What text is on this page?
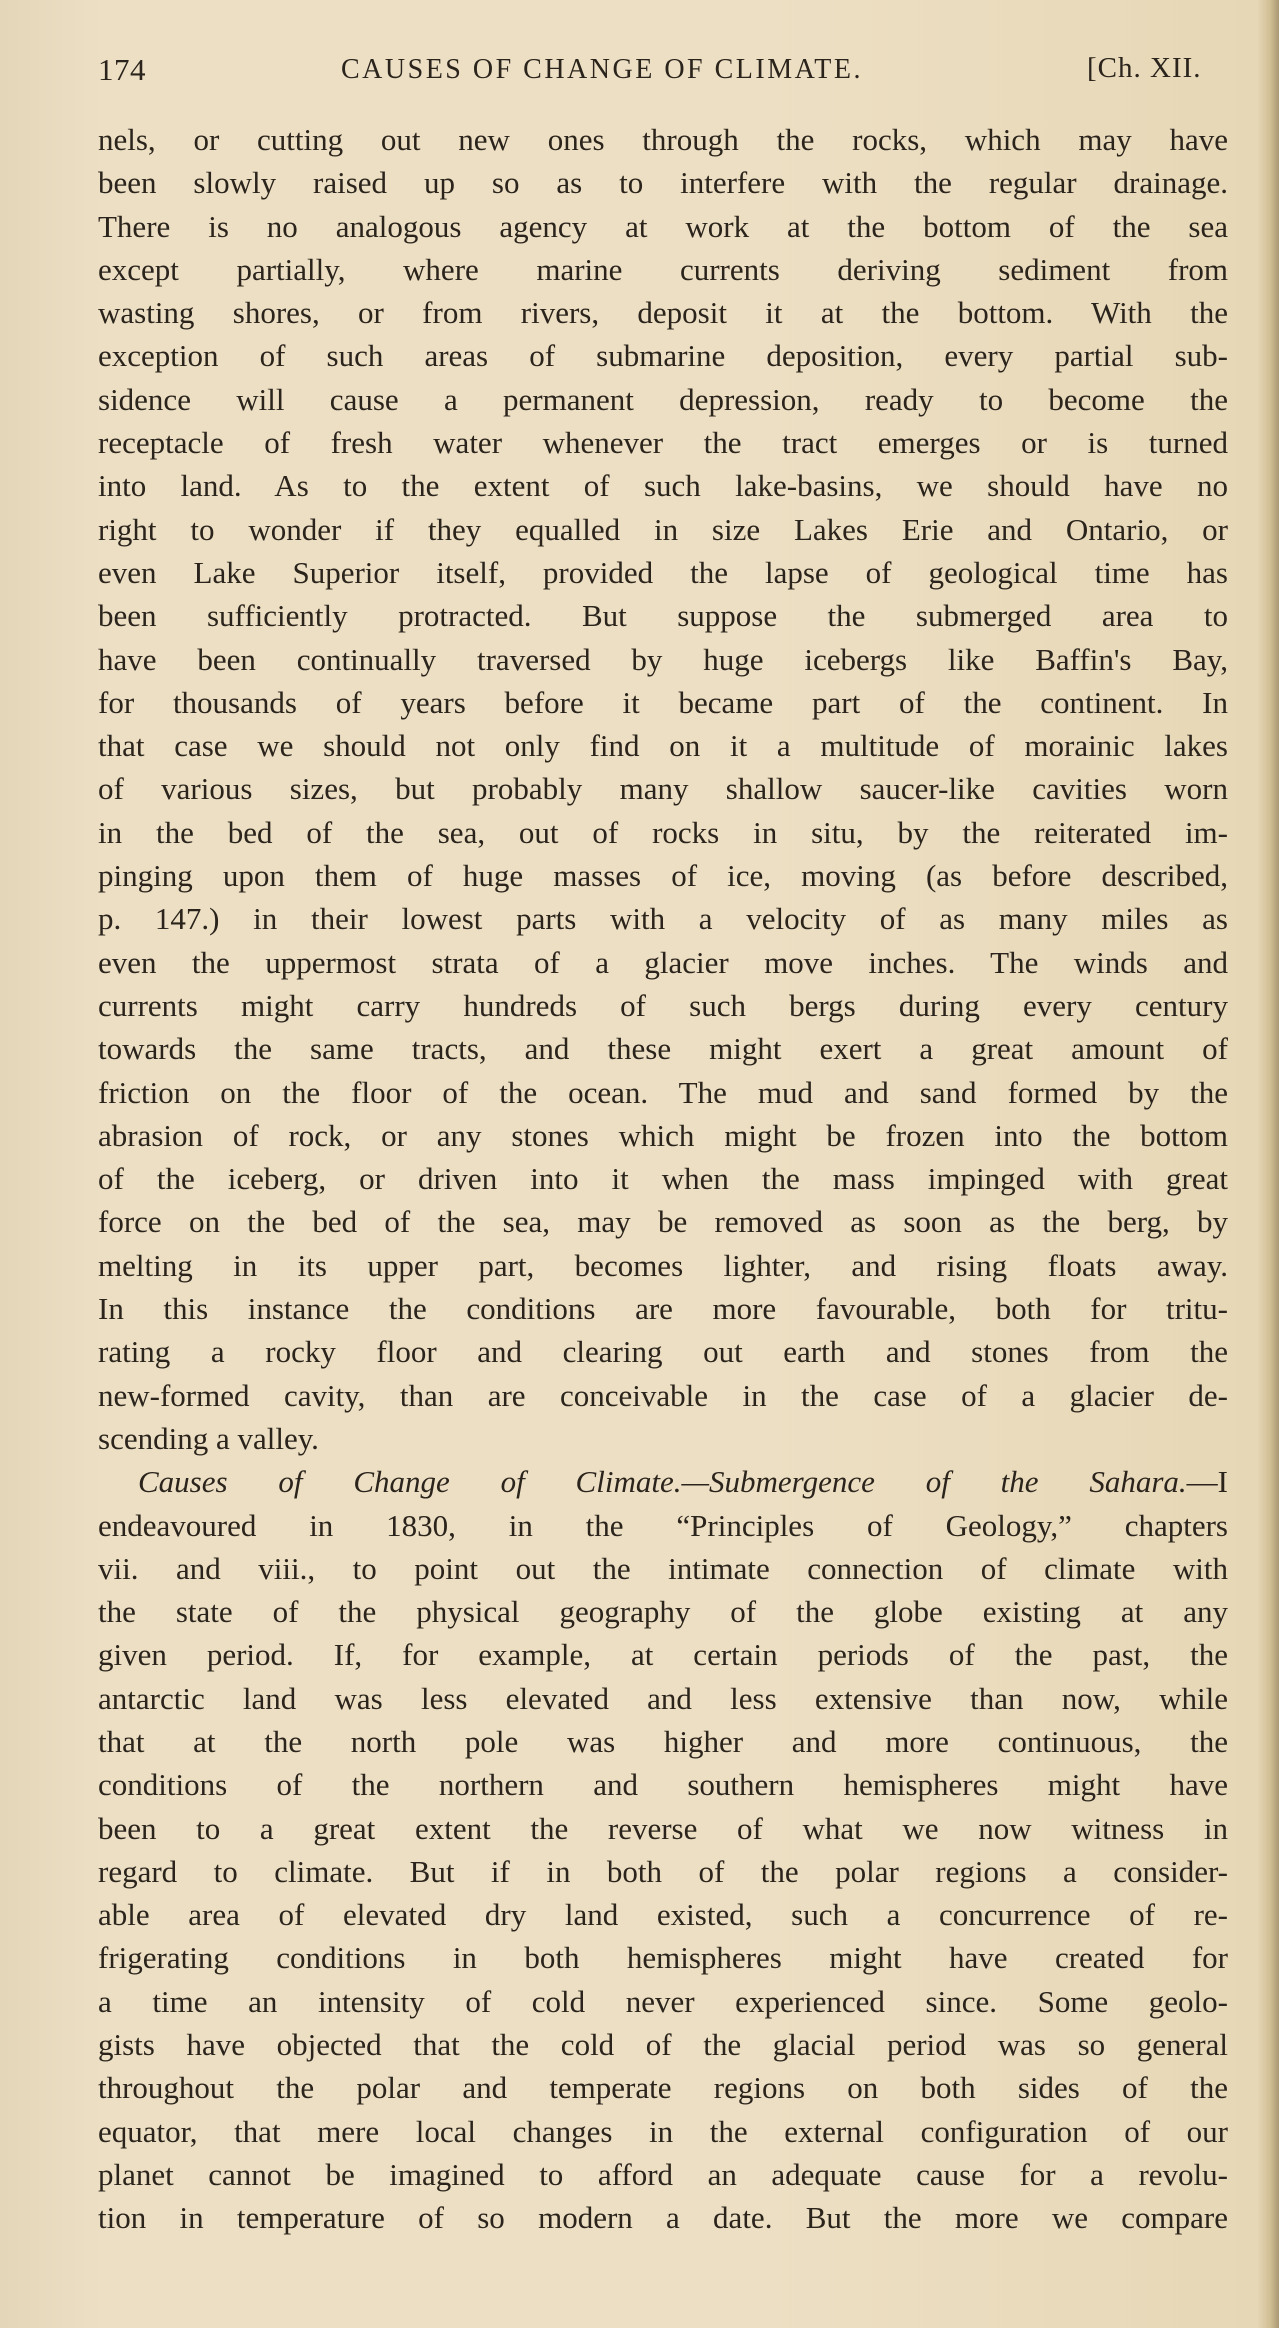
174	CAUSES OF CHANGE OF CLIMATE.	[Ch. XII.
nels, or cutting out new ones through the rocks, which may have
been slowly raised up so as to interfere with the regular drainage.
There is no analogous agency at work at the bottom of the sea
except partially, where marine currents deriving sediment from
wasting shores, or from rivers, deposit it at the bottom. With the
exception of such areas of submarine deposition, every partial sub-
sidence will cause a permanent depression, ready to become the
receptacle of fresh water whenever the tract emerges or is turned
into land. As to the extent of such lake-basins, we should have no
right to wonder if they equalled in size Lakes Erie and Ontario, or
even Lake Superior itself, provided the lapse of geological time has
been sufficiently protracted. But suppose the submerged area to
have been continually traversed by huge icebergs like Baffin's Bay,
for thousands of years before it became part of the continent. In
that case we should not only find on it a multitude of morainic lakes
of various sizes, but probably many shallow saucer-like cavities worn
in the bed of the sea, out of rocks in situ, by the reiterated im-
pinging upon them of huge masses of ice, moving (as before described,
p. 147.) in their lowest parts with a velocity of as many miles as
even the uppermost strata of a glacier move inches. The winds and
currents might carry hundreds of such bergs during every century
towards the same tracts, and these might exert a great amount of
friction on the floor of the ocean. The mud and sand formed by the
abrasion of rock, or any stones which might be frozen into the bottom
of the iceberg, or driven into it when the mass impinged with great
force on the bed of the sea, may be removed as soon as the berg, by
melting in its upper part, becomes lighter, and rising floats away.
In this instance the conditions are more favourable, both for tritu-
rating a rocky floor and clearing out earth and stones from the
new-formed cavity, than are conceivable in the case of a glacier de-
scending a valley.
Causes of Change of Climate.—Submergence of the Sahara.—I
endeavoured in 1830, in the “Principles of Geology,” chapters
vii. and viii., to point out the intimate connection of climate with
the state of the physical geography of the globe existing at any
given period. If, for example, at certain periods of the past, the
antarctic land was less elevated and less extensive than now, while
that at the north pole was higher and more continuous, the
conditions of the northern and southern hemispheres might have
been to a great extent the reverse of what we now witness in
regard to climate. But if in both of the polar regions a consider-
able area of elevated dry land existed, such a concurrence of re-
frigerating conditions in both hemispheres might have created for
a time an intensity of cold never experienced since. Some geolo-
gists have objected that the cold of the glacial period was so general
throughout the polar and temperate regions on both sides of the
equator, that mere local changes in the external configuration of our
planet cannot be imagined to afford an adequate cause for a revolu-
tion in temperature of so modern a date. But the more we compare
